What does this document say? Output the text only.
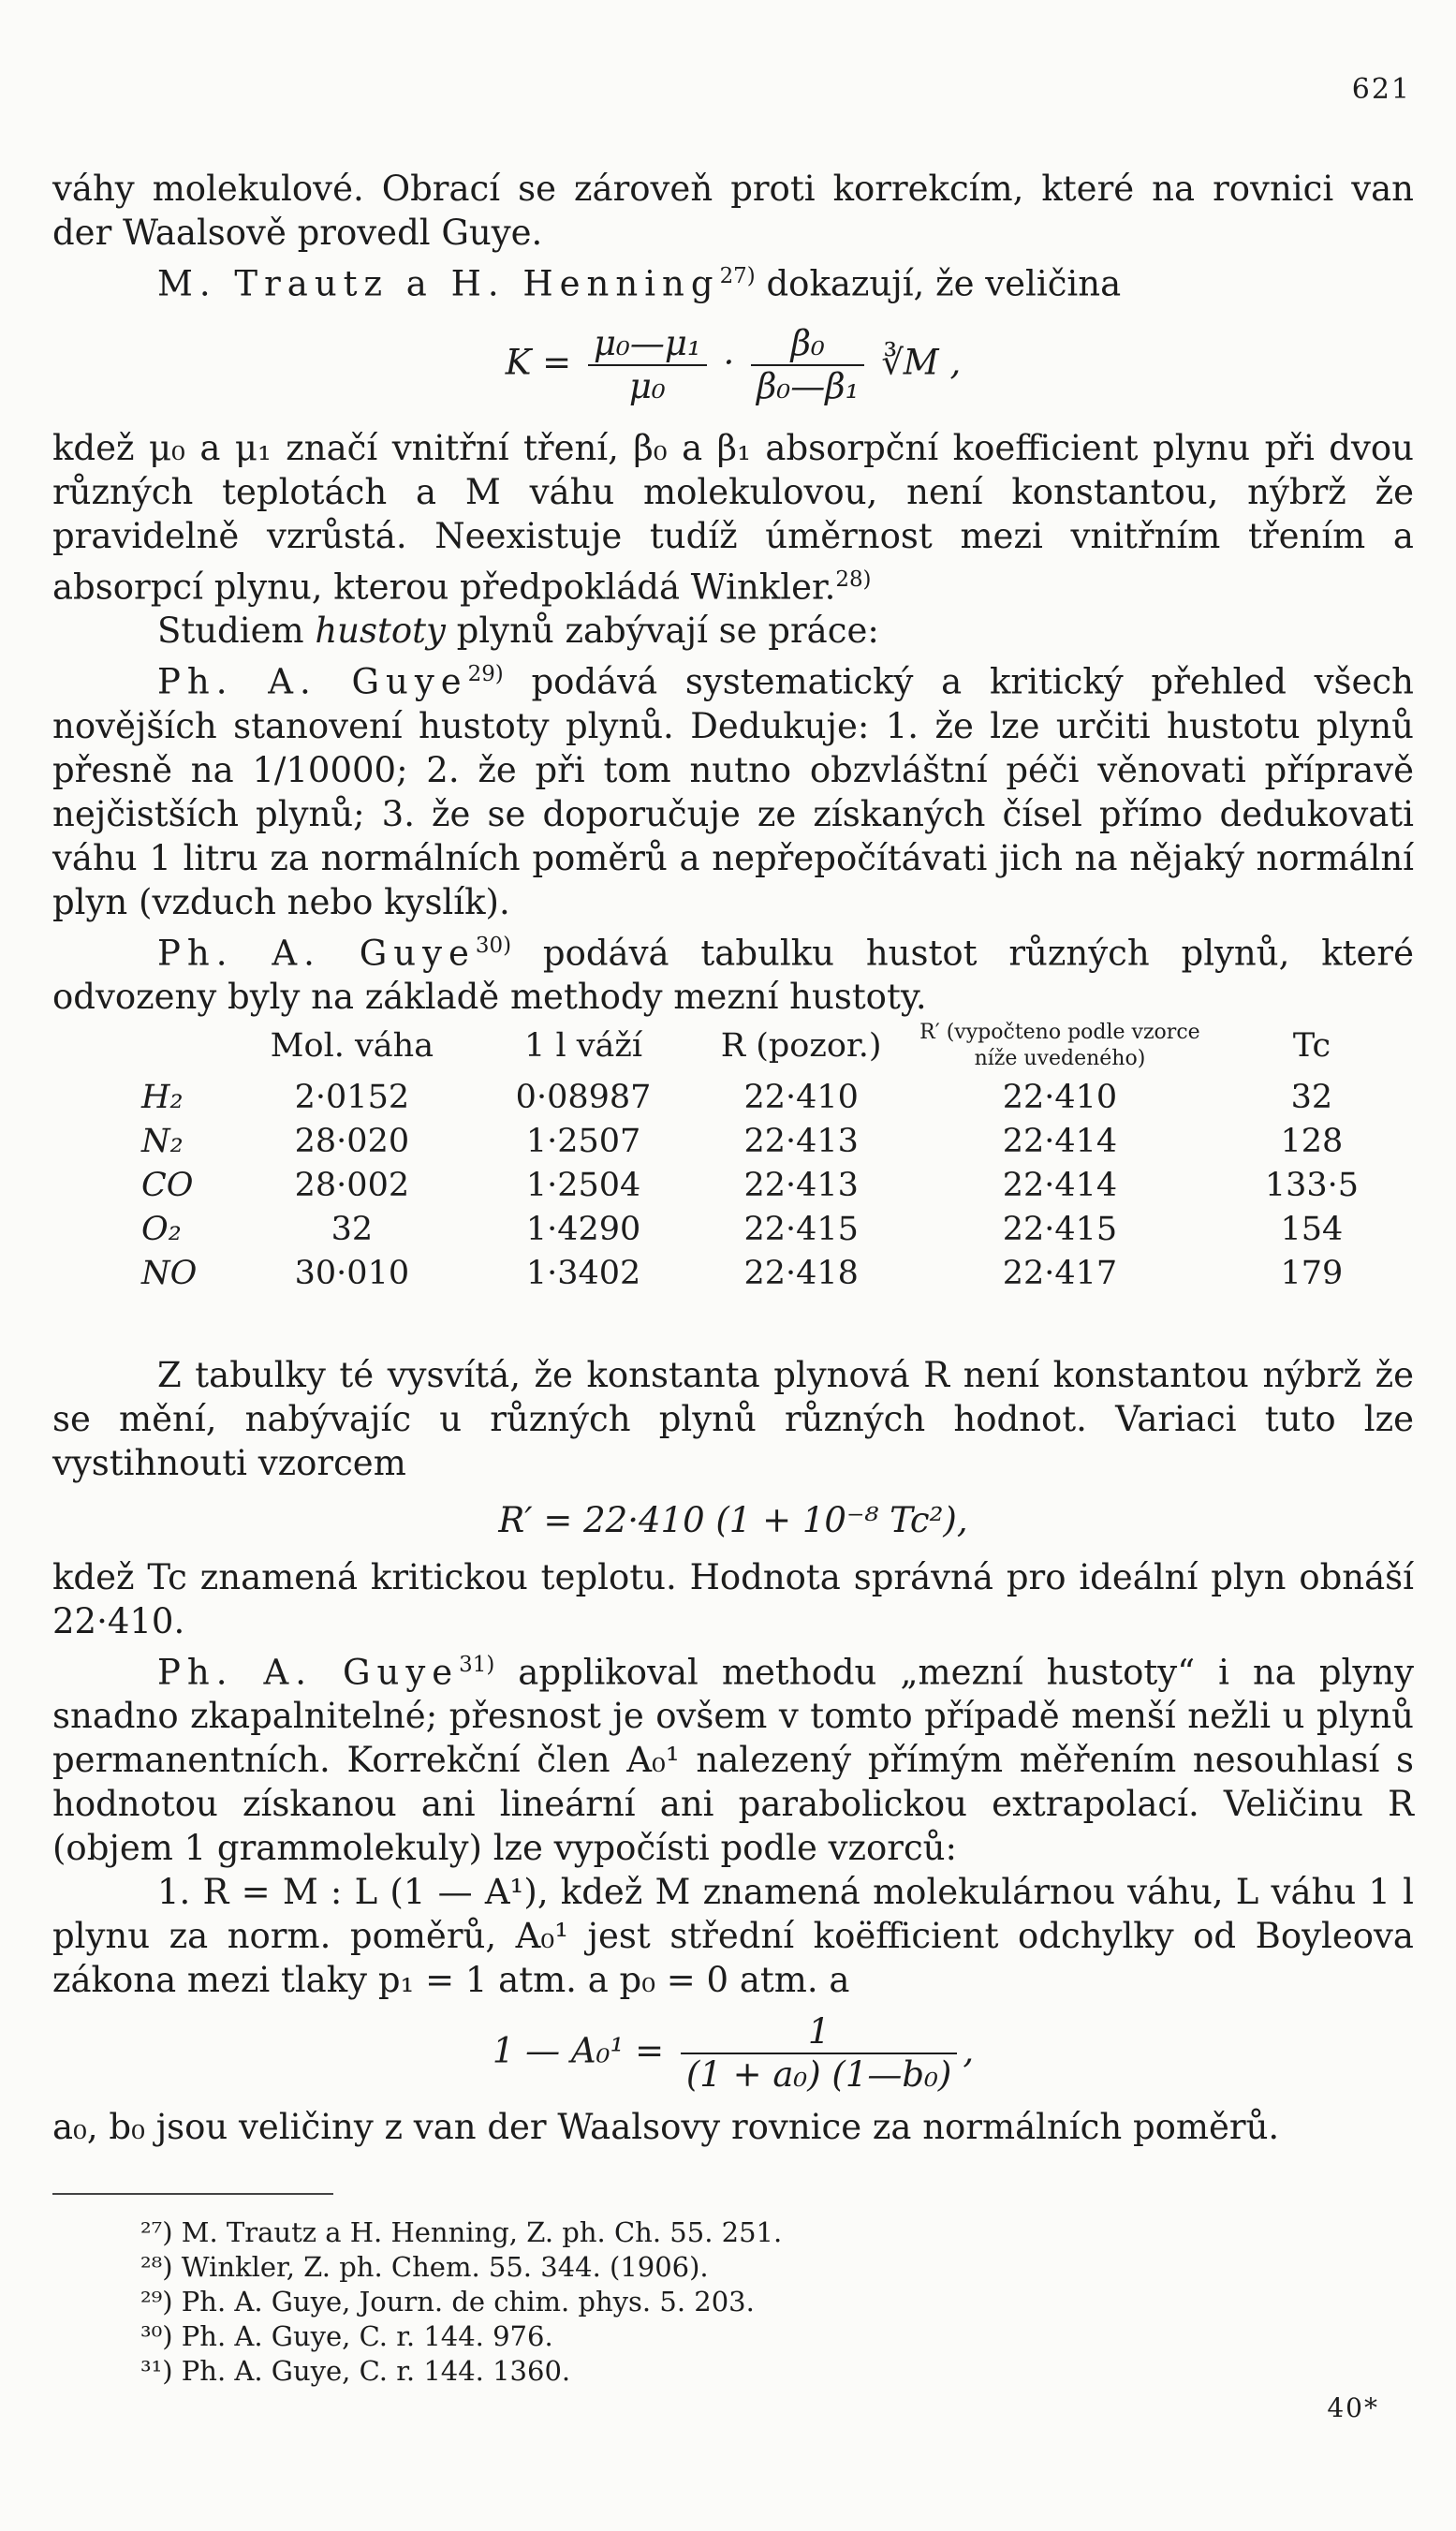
621

váhy molekulové. Obrací se zároveň proti korrekcím, které na rovnici van der Waalsově provedl Guye.

M. Trautz a H. Henning$^{27)}$ dokazují, že veličina

$K = \frac{\text{μ₀—μ₁}}{\text{μ₀}} \cdot \frac{\text{β₀}}{\text{β₀—β₁}}$ ∛M ,

kdež μ₀ a μ₁ značí vnitřní tření, β₀ a β₁ absorpční koefficient plynu při dvou různých teplotách a M váhu molekulovou, není konstantou, nýbrž že pravidelně vzrůstá. Neexistuje tudíž úměrnost mezi vnitřním třením a absorpcí plynu, kterou předpokládá Winkler.$^{28)}$

Studiem hustoty plynů zabývají se práce:

Ph. A. Guye$^{29)}$ podává systematický a kritický přehled všech novějších stanovení hustoty plynů. Dedukuje: 1. že lze určiti hustotu plynů přesně na 1/10000; 2. že při tom nutno obzvláštní péči věnovati přípravě nejčistších plynů; 3. že se doporučuje ze získaných čísel přímo dedukovati váhu 1 litru za normálních poměrů a nepřepočítávati jich na nějaký normální plyn (vzduch nebo kyslík).

Ph. A. Guye$^{30)}$ podává tabulku hustot různých plynů, které odvozeny byly na základě methody mezní hustoty.

	Mol. váha	1 l váží	R (pozor.)	R′ (vypočteno podle vzorce níže uvedeného)	Tc
H₂	2·0152	0·08987	22·410	22·410	32
N₂	28·020	1·2507	22·413	22·414	128
CO	28·002	1·2504	22·413	22·414	133·5
O₂	32	1·4290	22·415	22·415	154
NO	30·010	1·3402	22·418	22·417	179

Z tabulky té vysvítá, že konstanta plynová R není konstantou nýbrž že se mění, nabývajíc u různých plynů různých hodnot. Variaci tuto lze vystihnouti vzorcem

R′ = 22·410 (1 + 10⁻⁸ Tc²),

kdež Tc znamená kritickou teplotu. Hodnota správná pro ideální plyn obnáší 22·410.

Ph. A. Guye$^{31)}$ applikoval methodu „mezní hustoty“ i na plyny snadno zkapalnitelné; přesnost je ovšem v tomto případě menší nežli u plynů permanentních. Korrekční člen A₀¹ nalezený přímým měřením nesouhlasí s hodnotou získanou ani lineární ani parabolickou extrapolací. Veličinu R (objem 1 grammolekuly) lze vypočísti podle vzorců:

1. R = M : L (1 — A¹), kdež M znamená molekulárnou váhu, L váhu 1 l plynu za norm. poměrů, A₀¹ jest střední koëfficient odchylky od Boyleova zákona mezi tlaky p₁ = 1 atm. a p₀ = 0 atm. a

1 — $A_0^1 = \frac{1}{\text{(1 + a₀) (1—b₀)}}$ ,

a₀, b₀ jsou veličiny z van der Waalsovy rovnice za normálních poměrů.

²⁷) M. Trautz a H. Henning, Z. ph. Ch. 55. 251.
²⁸) Winkler, Z. ph. Chem. 55. 344. (1906).
²⁹) Ph. A. Guye, Journ. de chim. phys. 5. 203.
³⁰) Ph. A. Guye, C. r. 144. 976.
³¹) Ph. A. Guye, C. r. 144. 1360.
40*
